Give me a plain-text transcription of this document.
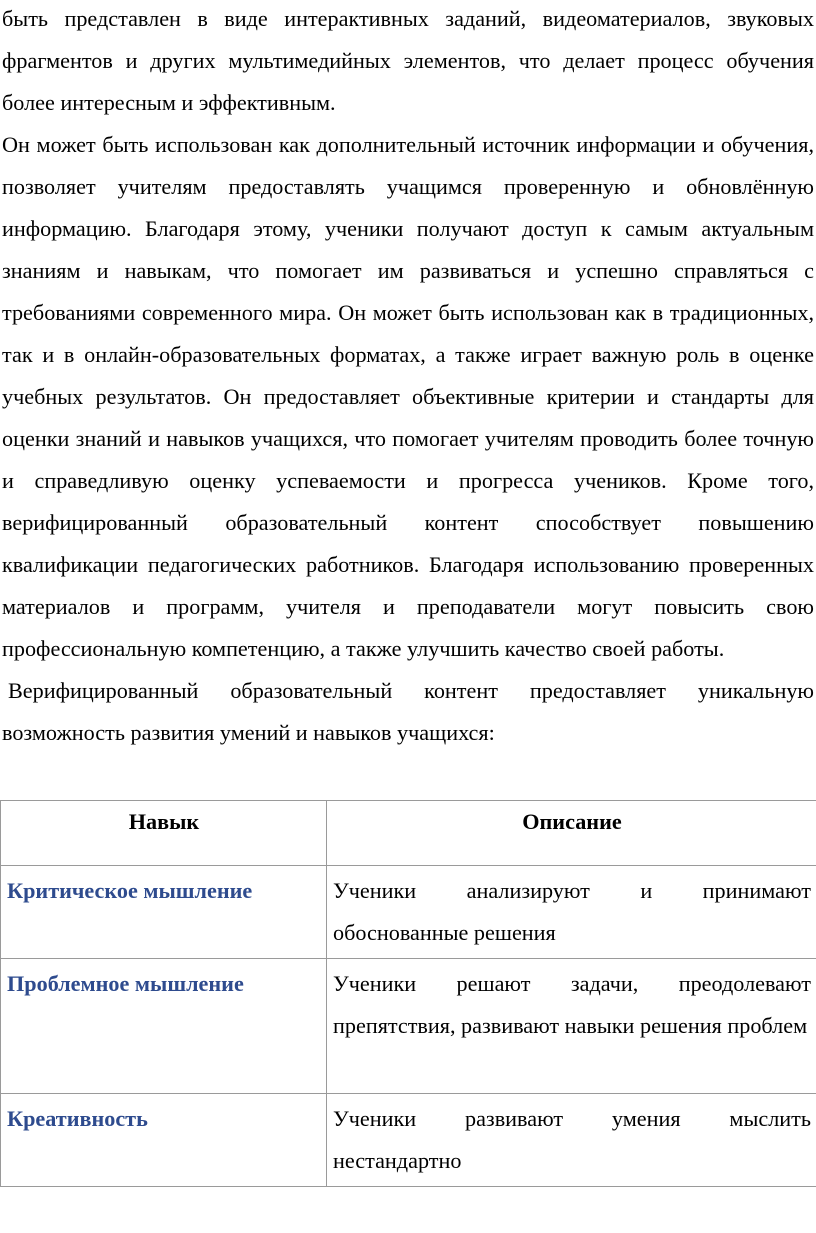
быть представлен в виде интерактивных заданий, видеоматериалов, звуковых фрагментов и других мультимедийных элементов, что делает процесс обучения более интересным и эффективным.

Он может быть использован как дополнительный источник информации и обучения, позволяет учителям предоставлять учащимся проверенную и обновлённую информацию. Благодаря этому, ученики получают доступ к самым актуальным знаниям и навыкам, что помогает им развиваться и успешно справляться с требованиями современного мира. Он может быть использован как в традиционных, так и в онлайн-образовательных форматах, а также играет важную роль в оценке учебных результатов. Он предоставляет объективные критерии и стандарты для оценки знаний и навыков учащихся, что помогает учителям проводить более точную и справедливую оценку успеваемости и прогресса учеников. Кроме того, верифицированный образовательный контент способствует повышению квалификации педагогических работников. Благодаря использованию проверенных материалов и программ, учителя и преподаватели могут повысить свою профессиональную компетенцию, а также улучшить качество своей работы.

Верифицированный образовательный контент предоставляет уникальную возможность развития умений и навыков учащихся:

Навык	Описание
Критическое мышление	Ученики анализируют и принимают обоснованные решения
Проблемное мышление	Ученики решают задачи, преодолевают препятствия, развивают навыки решения проблем
Креативность	Ученики развивают умения мыслить нестандартно
